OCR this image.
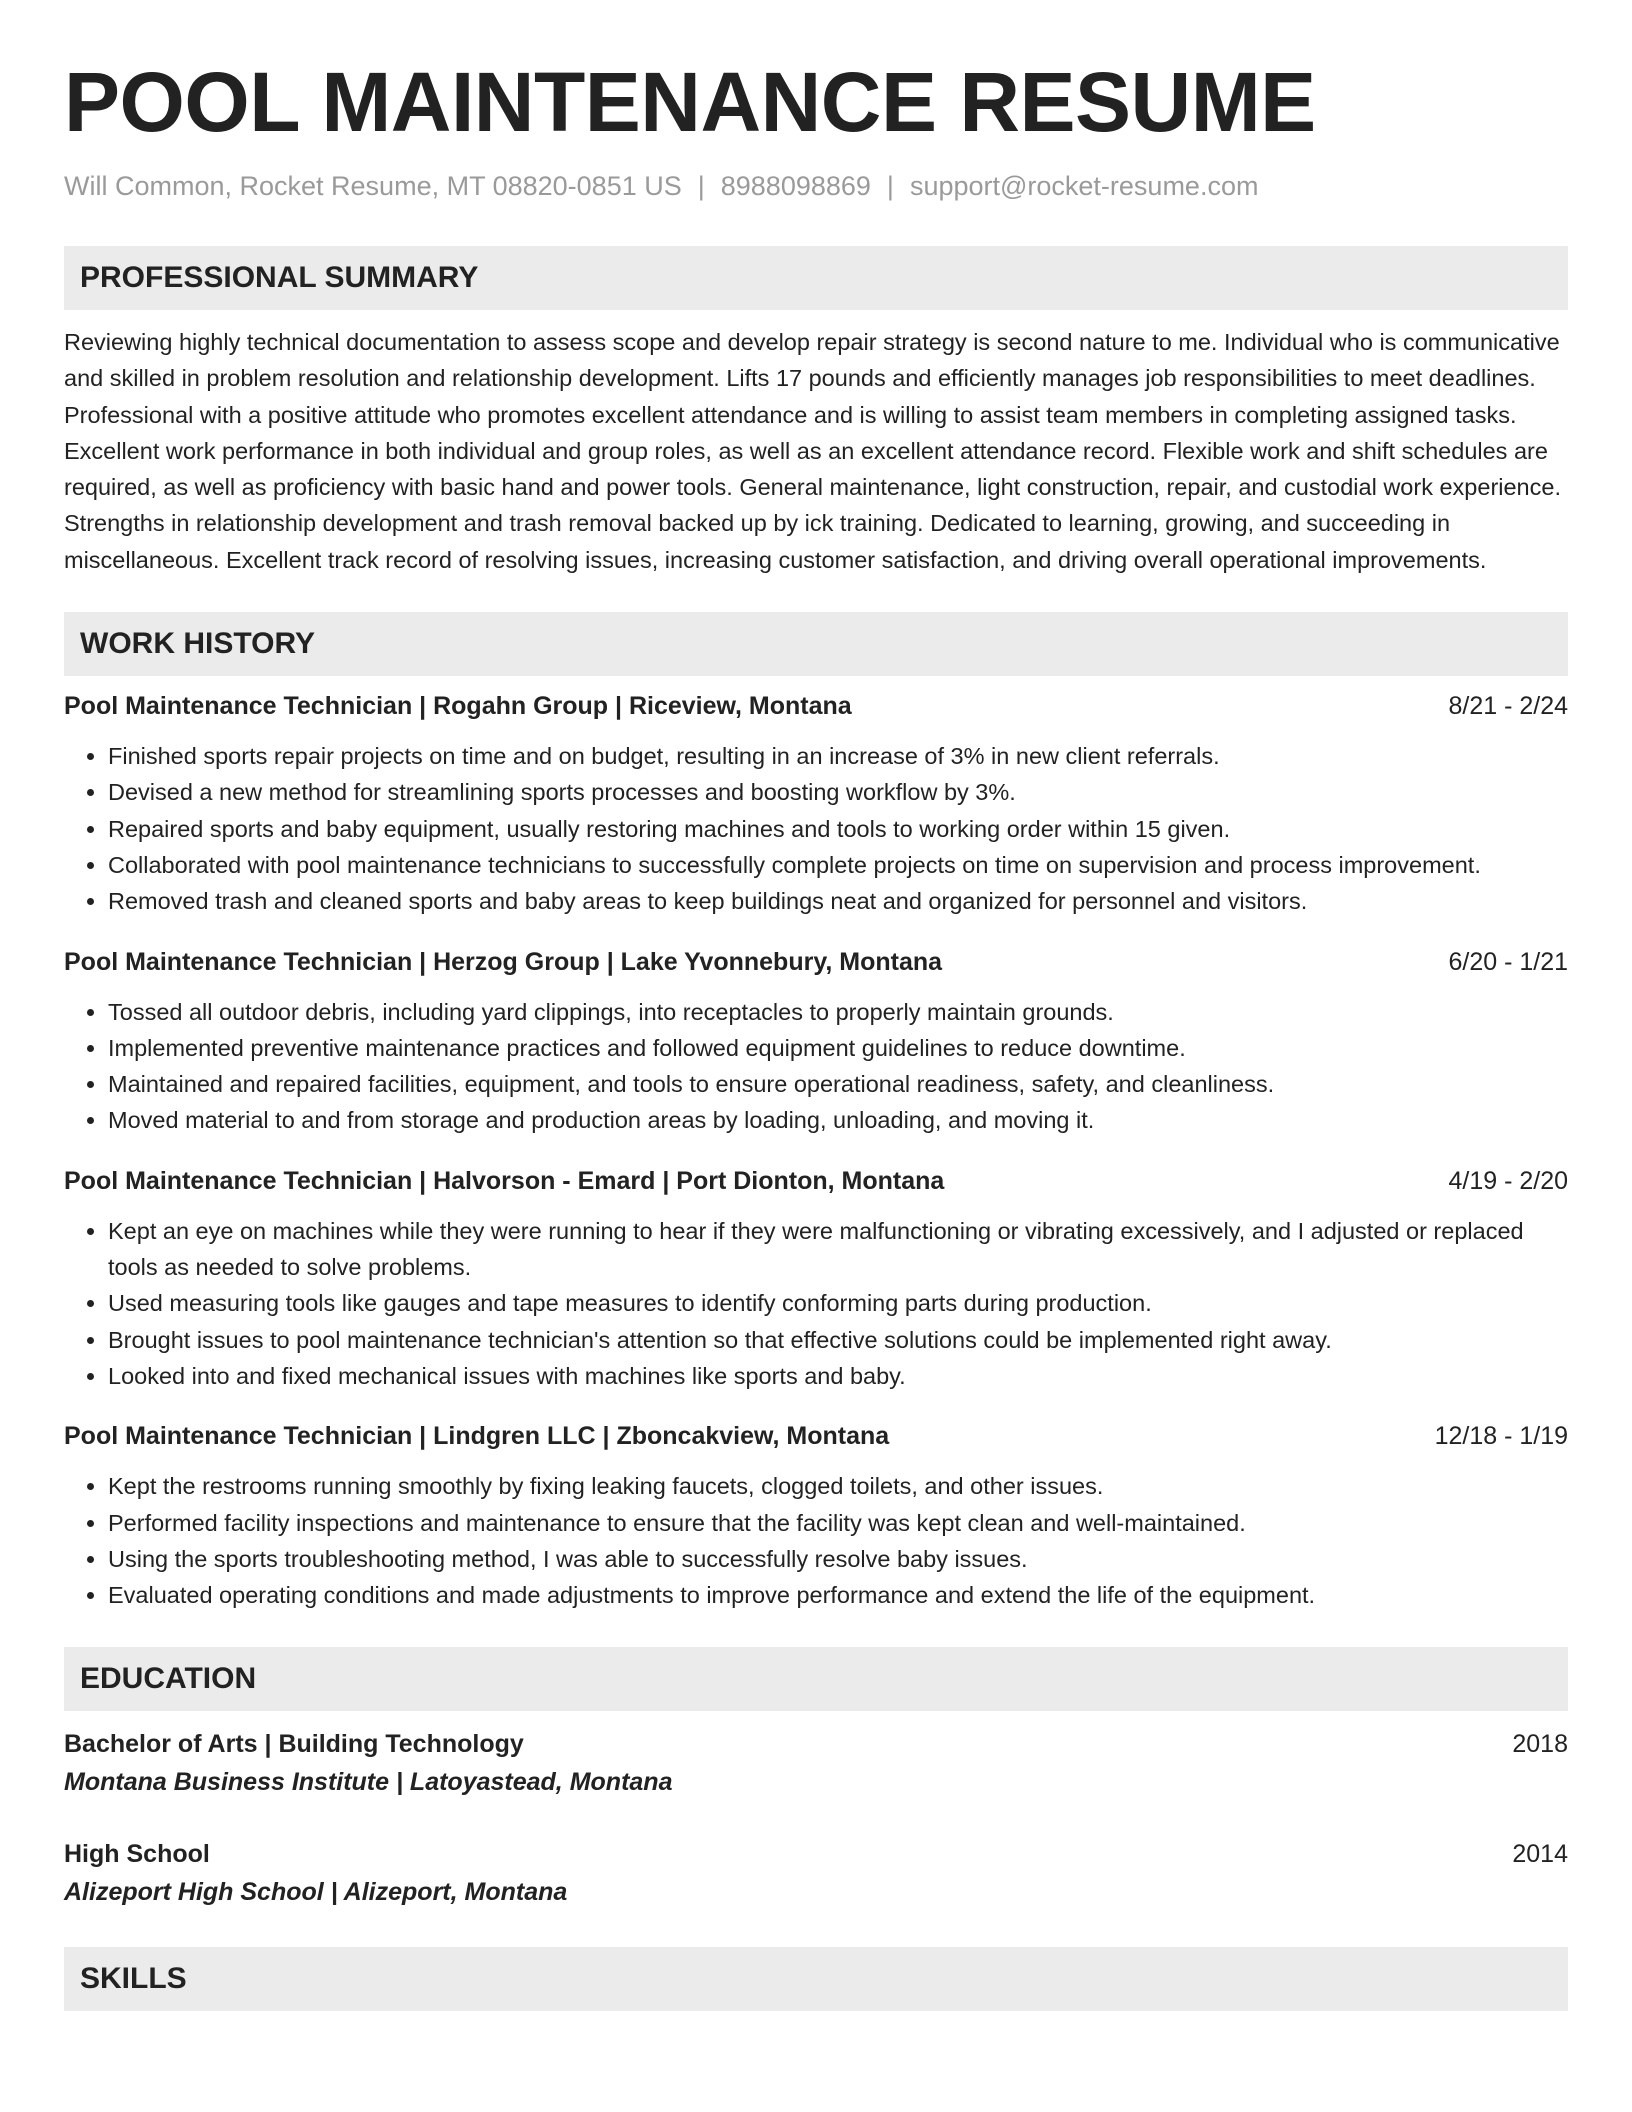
POOL MAINTENANCE RESUME
Will Common, Rocket Resume, MT 08820-0851 US | 8988098869 | support@rocket-resume.com
PROFESSIONAL SUMMARY

Reviewing highly technical documentation to assess scope and develop repair strategy is second nature to me. Individual who is communicative and skilled in problem resolution and relationship development. Lifts 17 pounds and efficiently manages job responsibilities to meet deadlines. Professional with a positive attitude who promotes excellent attendance and is willing to assist team members in completing assigned tasks. Excellent work performance in both individual and group roles, as well as an excellent attendance record. Flexible work and shift schedules are required, as well as proficiency with basic hand and power tools. General maintenance, light construction, repair, and custodial work experience. Strengths in relationship development and trash removal backed up by ick training. Dedicated to learning, growing, and succeeding in miscellaneous. Excellent track record of resolving issues, increasing customer satisfaction, and driving overall operational improvements.

WORK HISTORY
Pool Maintenance Technician | Rogahn Group | Riceview, Montana	8/21 - 2/24
• Finished sports repair projects on time and on budget, resulting in an increase of 3% in new client referrals.
• Devised a new method for streamlining sports processes and boosting workflow by 3%.
• Repaired sports and baby equipment, usually restoring machines and tools to working order within 15 given.
• Collaborated with pool maintenance technicians to successfully complete projects on time on supervision and process improvement.
• Removed trash and cleaned sports and baby areas to keep buildings neat and organized for personnel and visitors.
Pool Maintenance Technician | Herzog Group | Lake Yvonnebury, Montana	6/20 - 1/21
• Tossed all outdoor debris, including yard clippings, into receptacles to properly maintain grounds.
• Implemented preventive maintenance practices and followed equipment guidelines to reduce downtime.
• Maintained and repaired facilities, equipment, and tools to ensure operational readiness, safety, and cleanliness.
• Moved material to and from storage and production areas by loading, unloading, and moving it.
Pool Maintenance Technician | Halvorson - Emard | Port Dionton, Montana	4/19 - 2/20
• Kept an eye on machines while they were running to hear if they were malfunctioning or vibrating excessively, and I adjusted or replaced tools as needed to solve problems.
• Used measuring tools like gauges and tape measures to identify conforming parts during production.
• Brought issues to pool maintenance technician's attention so that effective solutions could be implemented right away.
• Looked into and fixed mechanical issues with machines like sports and baby.
Pool Maintenance Technician | Lindgren LLC | Zboncakview, Montana	12/18 - 1/19
• Kept the restrooms running smoothly by fixing leaking faucets, clogged toilets, and other issues.
• Performed facility inspections and maintenance to ensure that the facility was kept clean and well-maintained.
• Using the sports troubleshooting method, I was able to successfully resolve baby issues.
• Evaluated operating conditions and made adjustments to improve performance and extend the life of the equipment.
EDUCATION
Bachelor of Arts | Building Technology	2018
Montana Business Institute | Latoyastead, Montana
High School	2014
Alizeport High School | Alizeport, Montana
SKILLS
